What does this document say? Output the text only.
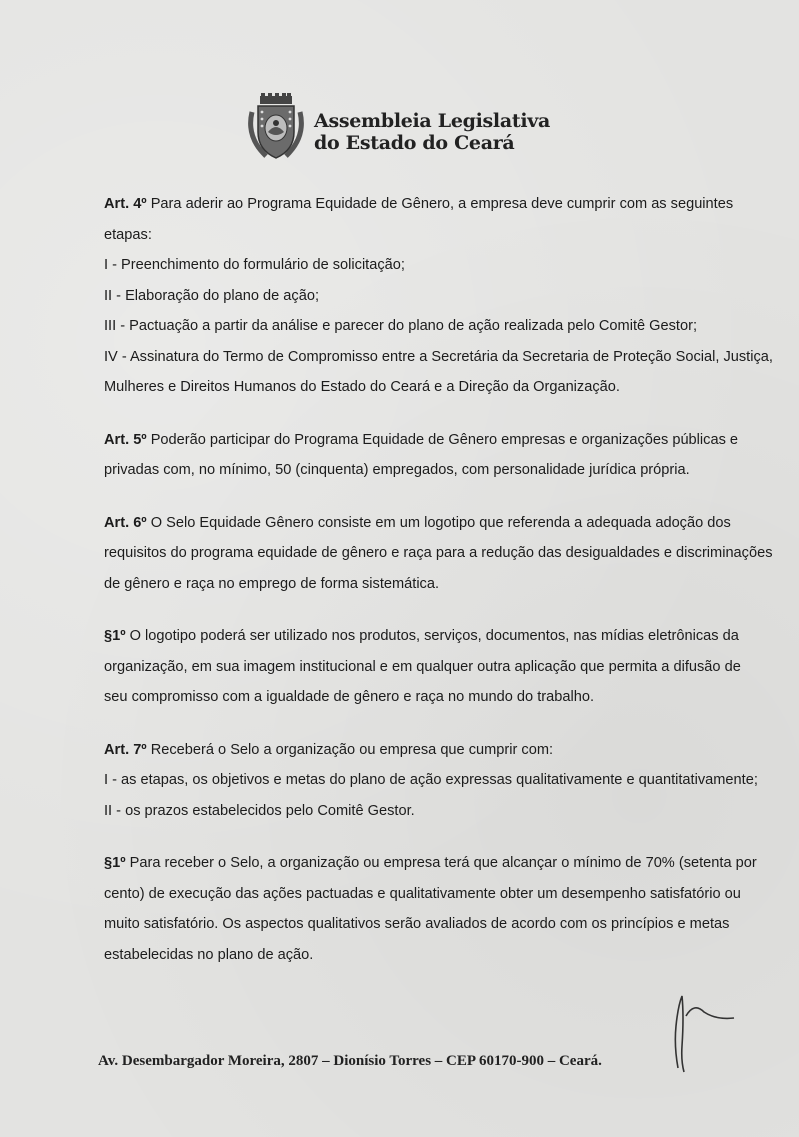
Assembleia Legislativa
do Estado do Ceará
Art. 4º Para aderir ao Programa Equidade de Gênero, a empresa deve cumprir com as seguintes
etapas:
I - Preenchimento do formulário de solicitação;
II - Elaboração do plano de ação;
III - Pactuação a partir da análise e parecer do plano de ação realizada pelo Comitê Gestor;
IV - Assinatura do Termo de Compromisso entre a Secretária da Secretaria de Proteção Social, Justiça,
Mulheres e Direitos Humanos do Estado do Ceará e a Direção da Organização.
Art. 5º Poderão participar do Programa Equidade de Gênero empresas e organizações públicas e
privadas com, no mínimo, 50 (cinquenta) empregados, com personalidade jurídica própria.
Art. 6º O Selo Equidade Gênero consiste em um logotipo que referenda a adequada adoção dos
requisitos do programa equidade de gênero e raça para a redução das desigualdades e discriminações
de gênero e raça no emprego de forma sistemática.
§1º O logotipo poderá ser utilizado nos produtos, serviços, documentos, nas mídias eletrônicas da
organização, em sua imagem institucional e em qualquer outra aplicação que permita a difusão de
seu compromisso com a igualdade de gênero e raça no mundo do trabalho.
Art. 7º Receberá o Selo a organização ou empresa que cumprir com:
I - as etapas, os objetivos e metas do plano de ação expressas qualitativamente e quantitativamente;
II - os prazos estabelecidos pelo Comitê Gestor.
§1º Para receber o Selo, a organização ou empresa terá que alcançar o mínimo de 70% (setenta por
cento) de execução das ações pactuadas e qualitativamente obter um desempenho satisfatório ou
muito satisfatório. Os aspectos qualitativos serão avaliados de acordo com os princípios e metas
estabelecidas no plano de ação.
Av. Desembargador Moreira, 2807 – Dionísio Torres – CEP 60170-900 – Ceará.
